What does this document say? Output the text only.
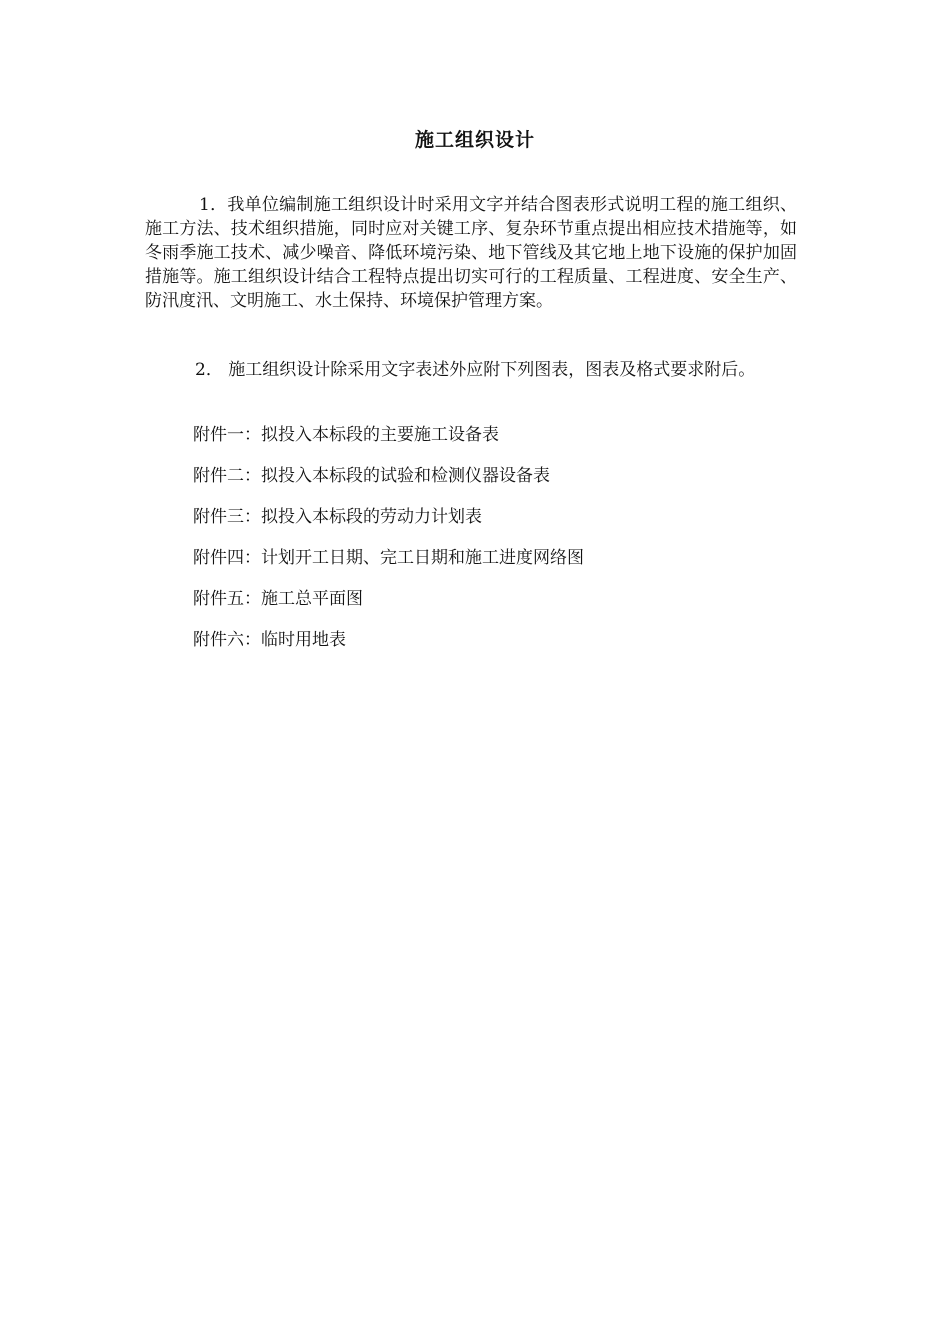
施工组织设计

1．我单位编制施工组织设计时采用文字并结合图表形式说明工程的施工组织、施工方法、技术组织措施，同时应对关键工序、复杂环节重点提出相应技术措施等，如冬雨季施工技术、减少噪音、降低环境污染、地下管线及其它地上地下设施的保护加固措施等。施工组织设计结合工程特点提出切实可行的工程质量、工程进度、安全生产、防汛度汛、文明施工、水土保持、环境保护管理方案。

2． 施工组织设计除采用文字表述外应附下列图表，图表及格式要求附后。

附件一：拟投入本标段的主要施工设备表
附件二：拟投入本标段的试验和检测仪器设备表
附件三：拟投入本标段的劳动力计划表
附件四：计划开工日期、完工日期和施工进度网络图
附件五：施工总平面图
附件六：临时用地表
